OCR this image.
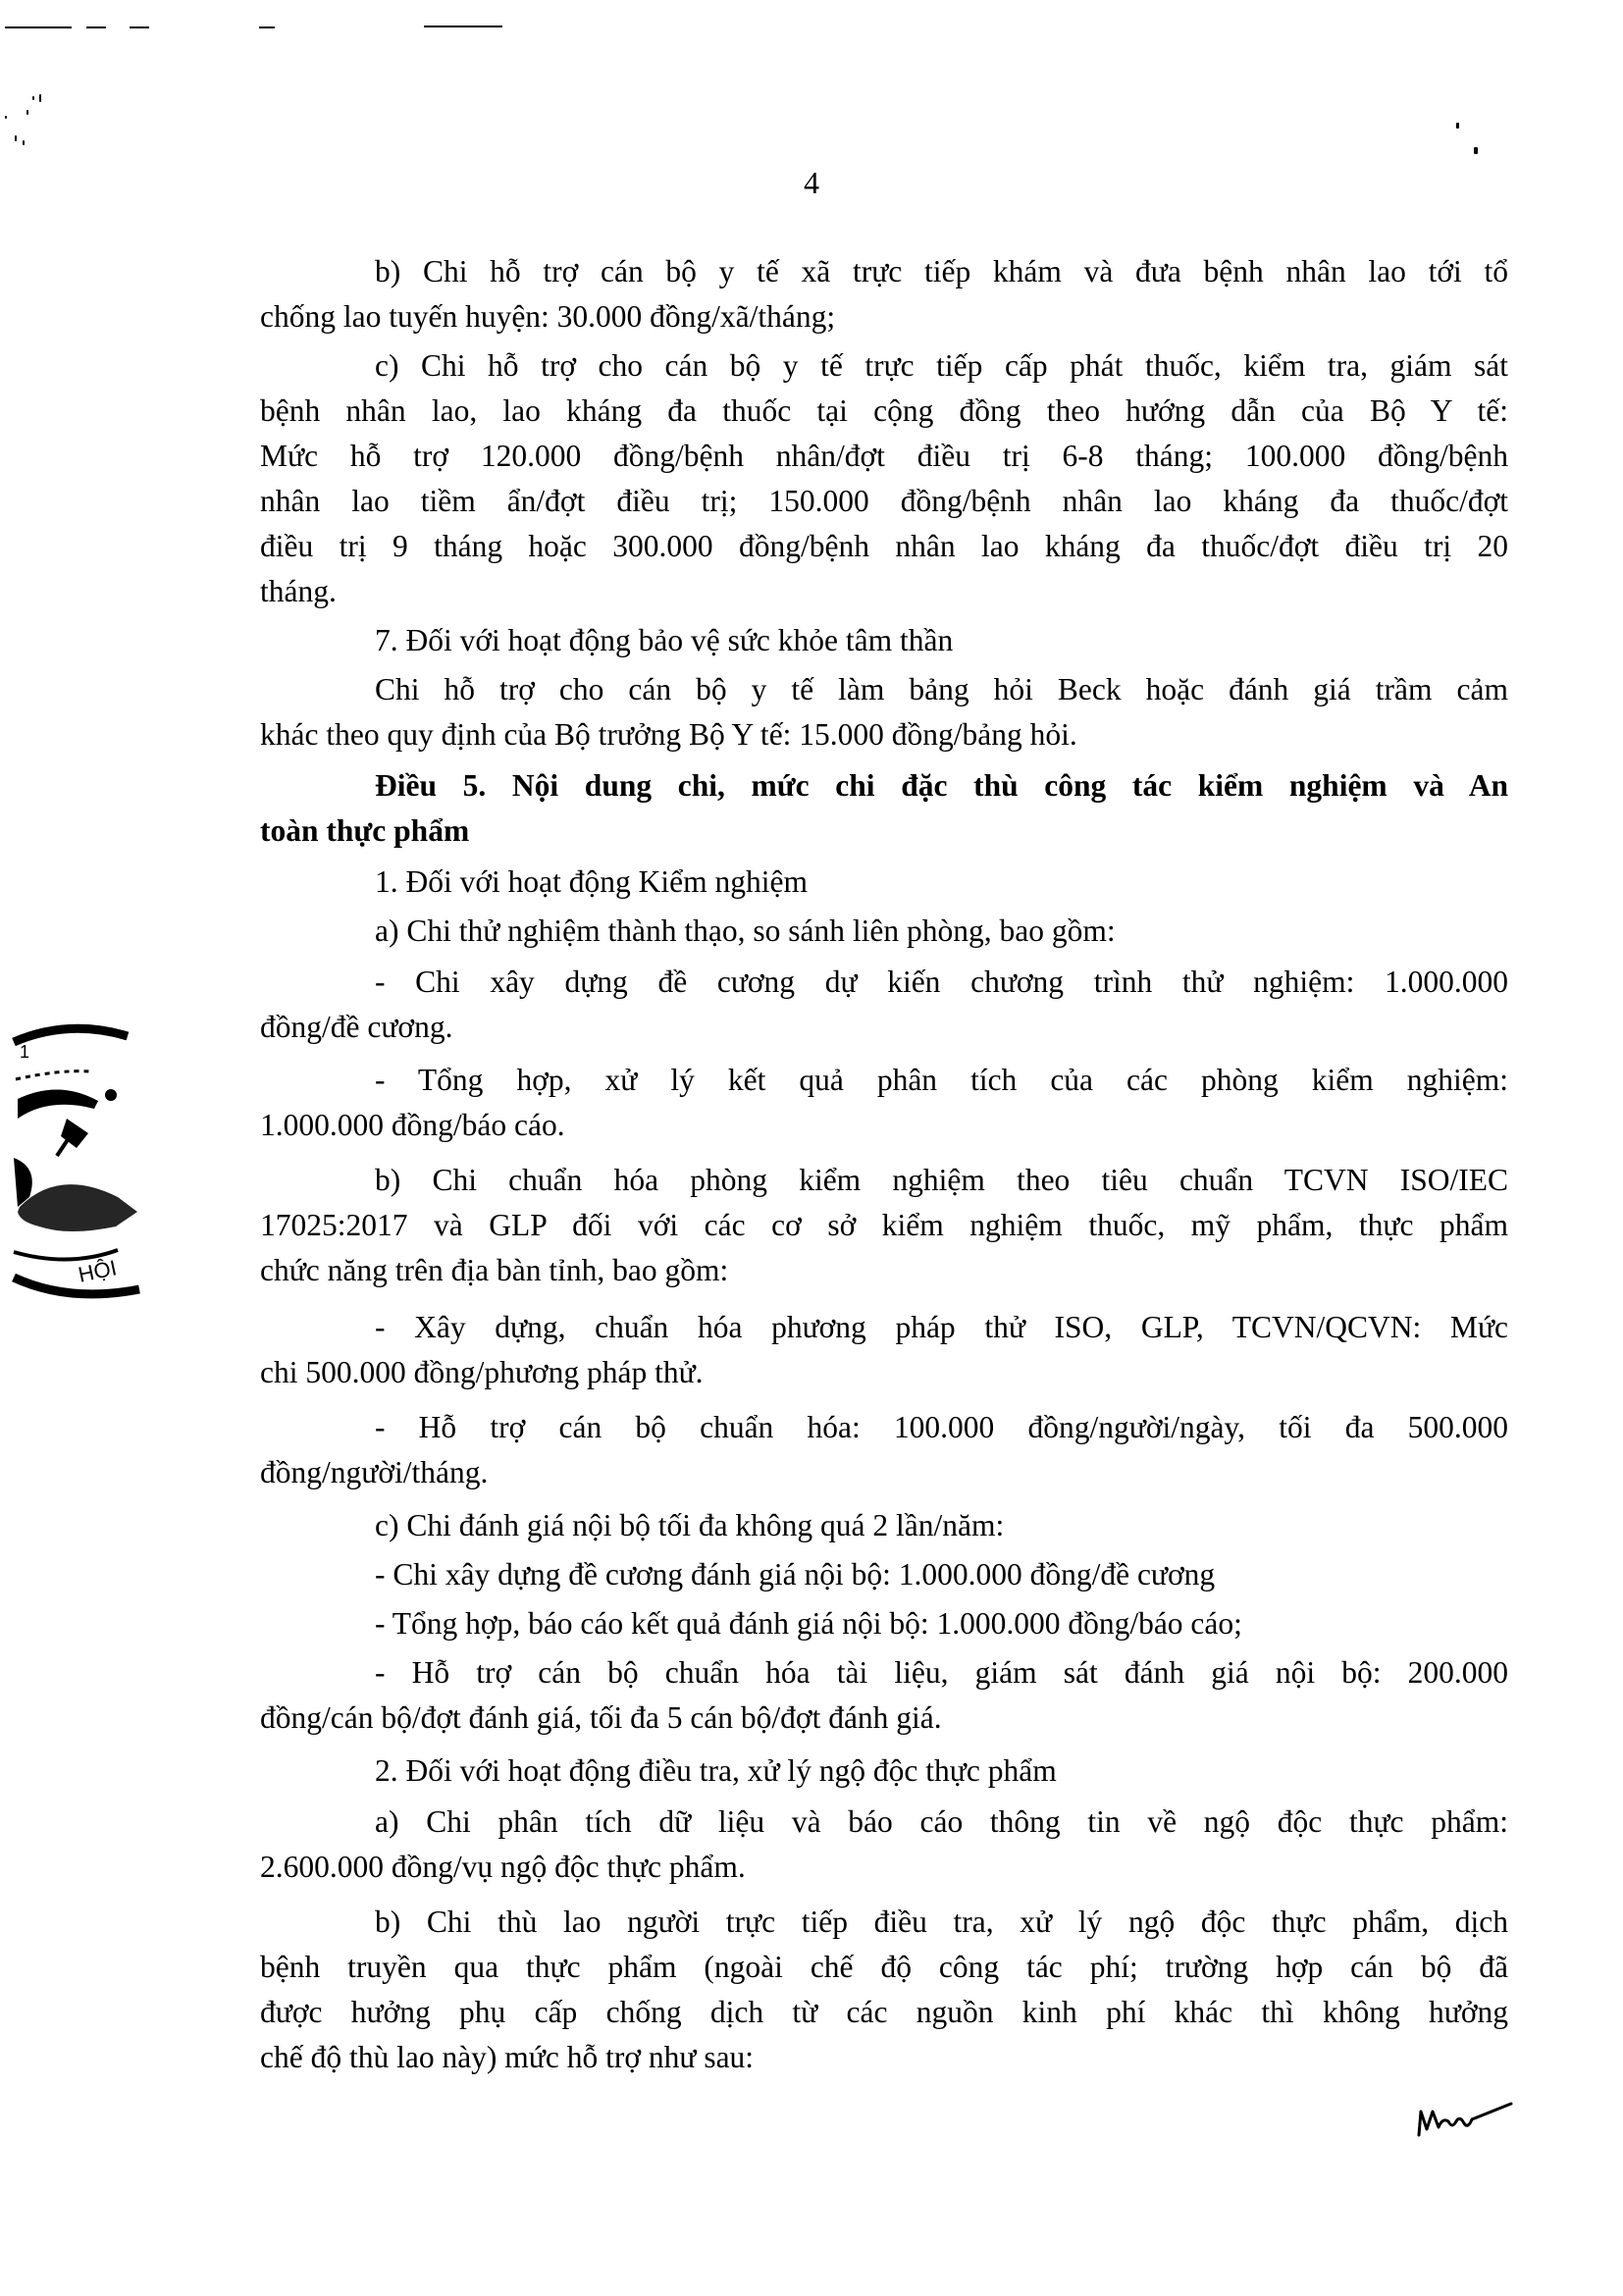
4
b) Chi hỗ trợ cán bộ y tế xã trực tiếp khám và đưa bệnh nhân lao tới tổ
chống lao tuyến huyện: 30.000 đồng/xã/tháng;
c) Chi hỗ trợ cho cán bộ y tế trực tiếp cấp phát thuốc, kiểm tra, giám sát
bệnh nhân lao, lao kháng đa thuốc tại cộng đồng theo hướng dẫn của Bộ Y tế:
Mức hỗ trợ 120.000 đồng/bệnh nhân/đợt điều trị 6-8 tháng; 100.000 đồng/bệnh
nhân lao tiềm ẩn/đợt điều trị; 150.000 đồng/bệnh nhân lao kháng đa thuốc/đợt
điều trị 9 tháng hoặc 300.000 đồng/bệnh nhân lao kháng đa thuốc/đợt điều trị 20
tháng.
7. Đối với hoạt động bảo vệ sức khỏe tâm thần
Chi hỗ trợ cho cán bộ y tế làm bảng hỏi Beck hoặc đánh giá trầm cảm
khác theo quy định của Bộ trưởng Bộ Y tế: 15.000 đồng/bảng hỏi.
Điều 5. Nội dung chi, mức chi đặc thù công tác kiểm nghiệm và An
toàn thực phẩm
1. Đối với hoạt động Kiểm nghiệm
a) Chi thử nghiệm thành thạo, so sánh liên phòng, bao gồm:
- Chi xây dựng đề cương dự kiến chương trình thử nghiệm: 1.000.000
đồng/đề cương.
- Tổng hợp, xử lý kết quả phân tích của các phòng kiểm nghiệm:
1.000.000 đồng/báo cáo.
b) Chi chuẩn hóa phòng kiểm nghiệm theo tiêu chuẩn TCVN ISO/IEC
17025:2017 và GLP đối với các cơ sở kiểm nghiệm thuốc, mỹ phẩm, thực phẩm
chức năng trên địa bàn tỉnh, bao gồm:
- Xây dựng, chuẩn hóa phương pháp thử ISO, GLP, TCVN/QCVN: Mức
chi 500.000 đồng/phương pháp thử.
- Hỗ trợ cán bộ chuẩn hóa: 100.000 đồng/người/ngày, tối đa 500.000
đồng/người/tháng.
c) Chi đánh giá nội bộ tối đa không quá 2 lần/năm:
- Chi xây dựng đề cương đánh giá nội bộ: 1.000.000 đồng/đề cương
- Tổng hợp, báo cáo kết quả đánh giá nội bộ: 1.000.000 đồng/báo cáo;
- Hỗ trợ cán bộ chuẩn hóa tài liệu, giám sát đánh giá nội bộ: 200.000
đồng/cán bộ/đợt đánh giá, tối đa 5 cán bộ/đợt đánh giá.
2. Đối với hoạt động điều tra, xử lý ngộ độc thực phẩm
a) Chi phân tích dữ liệu và báo cáo thông tin về ngộ độc thực phẩm:
2.600.000 đồng/vụ ngộ độc thực phẩm.
b) Chi thù lao người trực tiếp điều tra, xử lý ngộ độc thực phẩm, dịch
bệnh truyền qua thực phẩm (ngoài chế độ công tác phí; trường hợp cán bộ đã
được hưởng phụ cấp chống dịch từ các nguồn kinh phí khác thì không hưởng
chế độ thù lao này) mức hỗ trợ như sau:
HỘI
1
